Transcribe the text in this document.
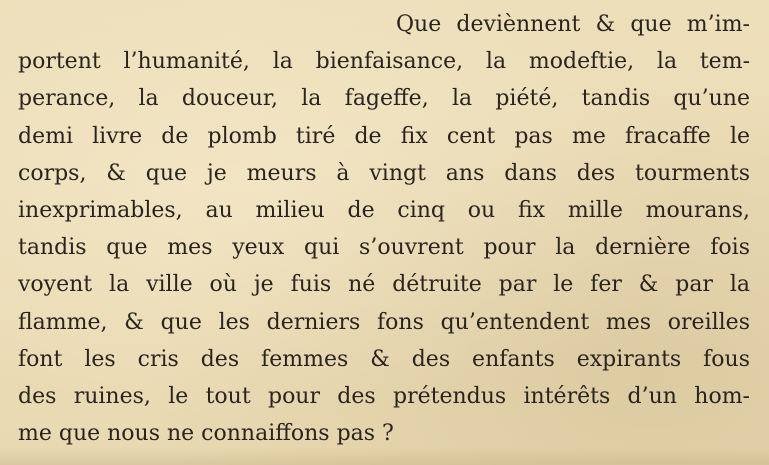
Que deviènnent & que m’im-
portent l’humanité, la bienfaisance, la modeftie, la tem-
perance, la douceur, la fageffe, la piété, tandis qu’une
demi livre de plomb tiré de fix cent pas me fracaffe le
corps, & que je meurs à vingt ans dans des tourments
inexprimables, au milieu de cinq ou fix mille mourans,
tandis que mes yeux qui s’ouvrent pour la dernière fois
voyent la ville où je fuis né détruite par le fer & par la
flamme, & que les derniers fons qu’entendent mes oreilles
font les cris des femmes & des enfants expirants fous
des ruines, le tout pour des prétendus intérêts d’un hom-
me que nous ne connaiffons pas ?
